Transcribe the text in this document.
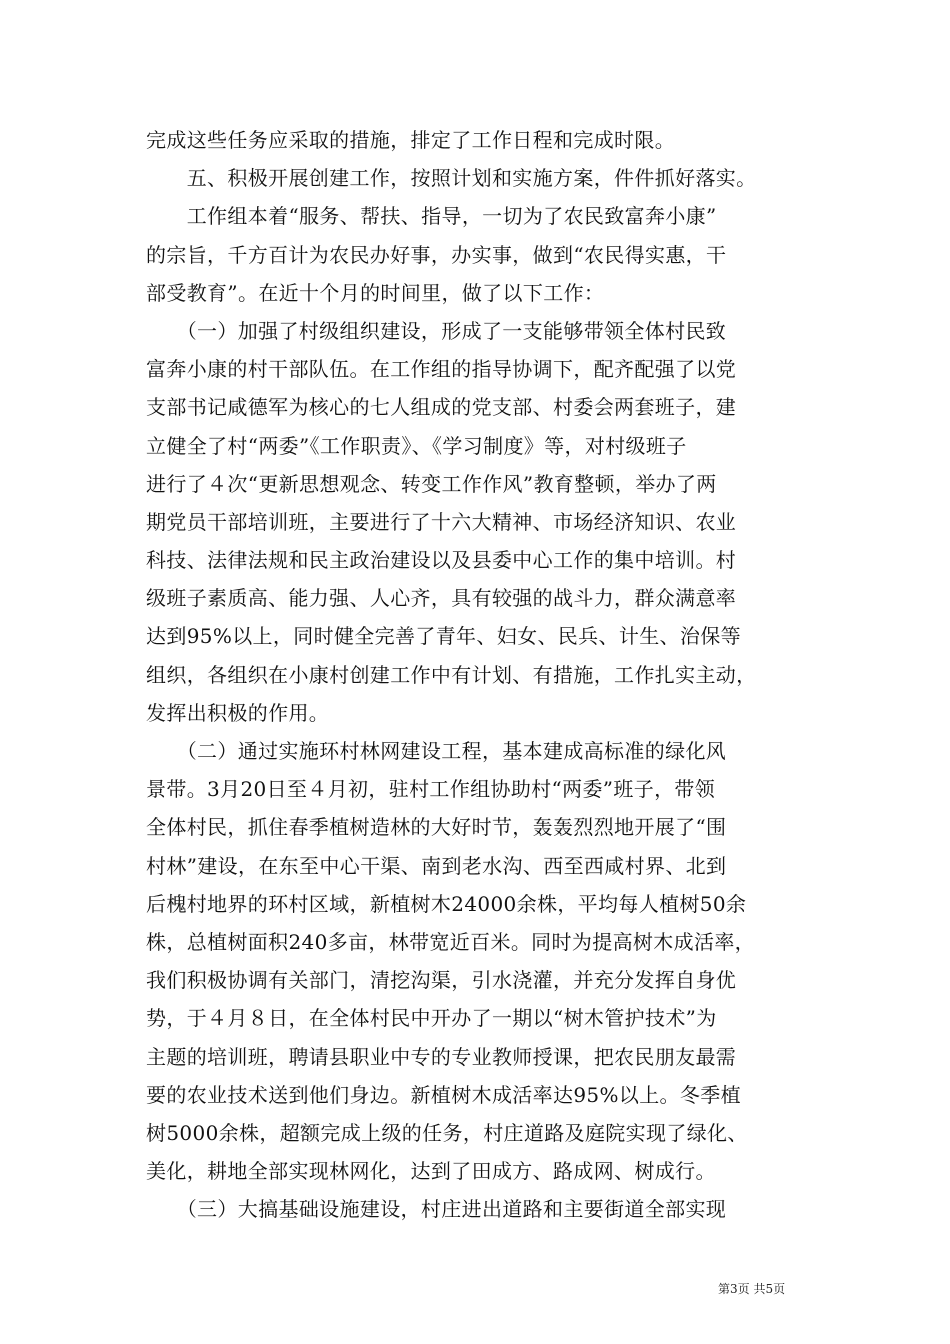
完成这些任务应采取的措施，排定了工作日程和完成时限。
　　五、积极开展创建工作，按照计划和实施方案，件件抓好落实。
　　工作组本着“服务、帮扶、指导，一切为了农民致富奔小康”
的宗旨，千方百计为农民办好事，办实事，做到“农民得实惠，干
部受教育”。在近十个月的时间里，做了以下工作：
　　（一）加强了村级组织建设，形成了一支能够带领全体村民致
富奔小康的村干部队伍。在工作组的指导协调下，配齐配强了以党
支部书记咸德军为核心的七人组成的党支部、村委会两套班子，建
立健全了村“两委”《工作职责》、《学习制度》等，对村级班子
进行了４次“更新思想观念、转变工作作风”教育整顿，举办了两
期党员干部培训班，主要进行了十六大精神、市场经济知识、农业
科技、法律法规和民主政治建设以及县委中心工作的集中培训。村
级班子素质高、能力强、人心齐，具有较强的战斗力，群众满意率
达到95%以上，同时健全完善了青年、妇女、民兵、计生、治保等
组织，各组织在小康村创建工作中有计划、有措施，工作扎实主动，
发挥出积极的作用。
　　（二）通过实施环村林网建设工程，基本建成高标准的绿化风
景带。3月20日至４月初，驻村工作组协助村“两委”班子，带领
全体村民，抓住春季植树造林的大好时节，轰轰烈烈地开展了“围
村林”建设，在东至中心干渠、南到老水沟、西至西咸村界、北到
后槐村地界的环村区域，新植树木24000余株，平均每人植树50余
株，总植树面积240多亩，林带宽近百米。同时为提高树木成活率，
我们积极协调有关部门，清挖沟渠，引水浇灌，并充分发挥自身优
势，于４月８日，在全体村民中开办了一期以“树木管护技术”为
主题的培训班，聘请县职业中专的专业教师授课，把农民朋友最需
要的农业技术送到他们身边。新植树木成活率达95%以上。冬季植
树5000余株，超额完成上级的任务，村庄道路及庭院实现了绿化、
美化，耕地全部实现林网化，达到了田成方、路成网、树成行。
　　（三）大搞基础设施建设，村庄进出道路和主要街道全部实现
第3页 共5页
